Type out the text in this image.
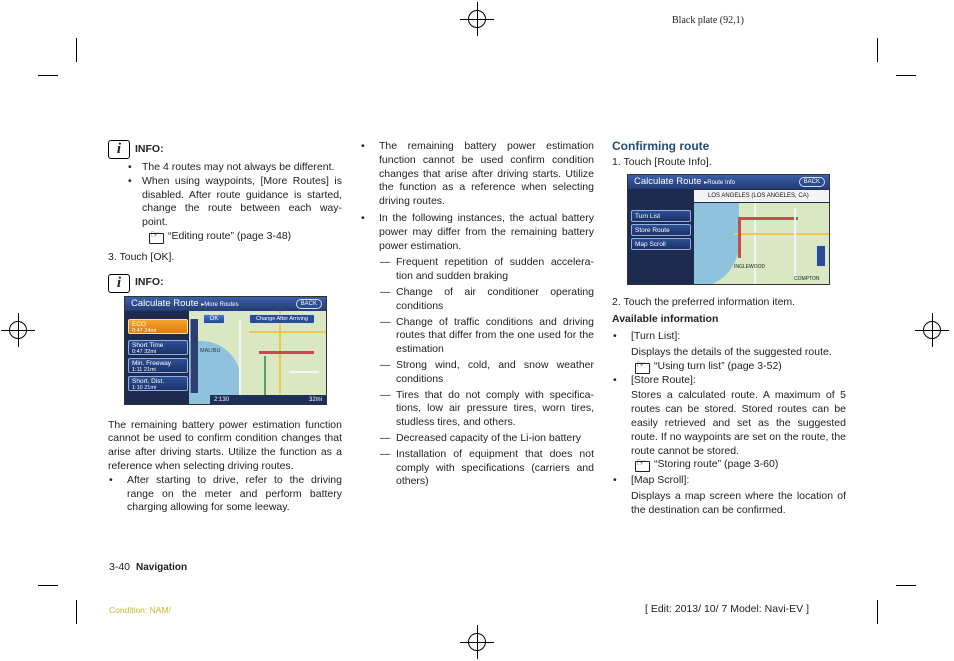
Black plate (92,1)
i	INFO:
• The 4 routes may not always be different.
• When using waypoints, [More Routes] is disabled. After route guidance is started, change the route between each way- point.
☞
“Editing route” (page 3-48)
3. Touch [OK].
i	INFO:
MALIBU
Calculate Route ▸More Routes	BACK
OK	Change After Arriving
ECO
0:47 24mi
Short Time
0:47 32mi
Min. Freeway
1:11 21mi
Short. Dist.
1:10 21mi
2:130	32mi
The remaining battery power estimation function cannot be used to confirm condition changes that arise after driving starts. Utilize the function as a reference when selecting driving routes.
• After starting to drive, refer to the driving range on the meter and perform battery charging allowing for some leeway.
• The remaining battery power estimation function cannot be used confirm condition changes that arise after driving starts. Utilize the function as a reference when selecting driving routes.
• In the following instances, the actual battery power may differ from the remaining battery power estimation.
— Frequent repetition of sudden accelera- tion and sudden braking
— Change of air conditioner operating conditions
— Change of traffic conditions and driving routes that differ from the one used for the estimation
— Strong wind, cold, and snow weather conditions
— Tires that do not comply with specifica- tions, low air pressure tires, worn tires, studless tires, and others.
— Decreased capacity of the Li-ion battery
— Installation of equipment that does not comply with specifications (carriers and others)
Confirming route
1. Touch [Route Info].
INGLEWOOD
COMPTON
Calculate Route ▸Route Info	BACK
LOS ANGELES (LOS ANGELES, CA)
Turn List
Store Route
Map Scroll
2. Touch the preferred information item.
Available information
• [Turn List]:
Displays the details of the suggested route.
☞
“Using turn list” (page 3-52)
• [Store Route]:
Stores a calculated route. A maximum of 5 routes can be stored. Stored routes can be easily retrieved and set as the suggested route. If no waypoints are set on the route, the route cannot be stored.
☞
“Storing route” (page 3-60)
• [Map Scroll]:
Displays a map screen where the location of the destination can be confirmed.
3-40 Navigation
Condition: NAM/	[ Edit: 2013/ 10/ 7 Model: Navi-EV ]
